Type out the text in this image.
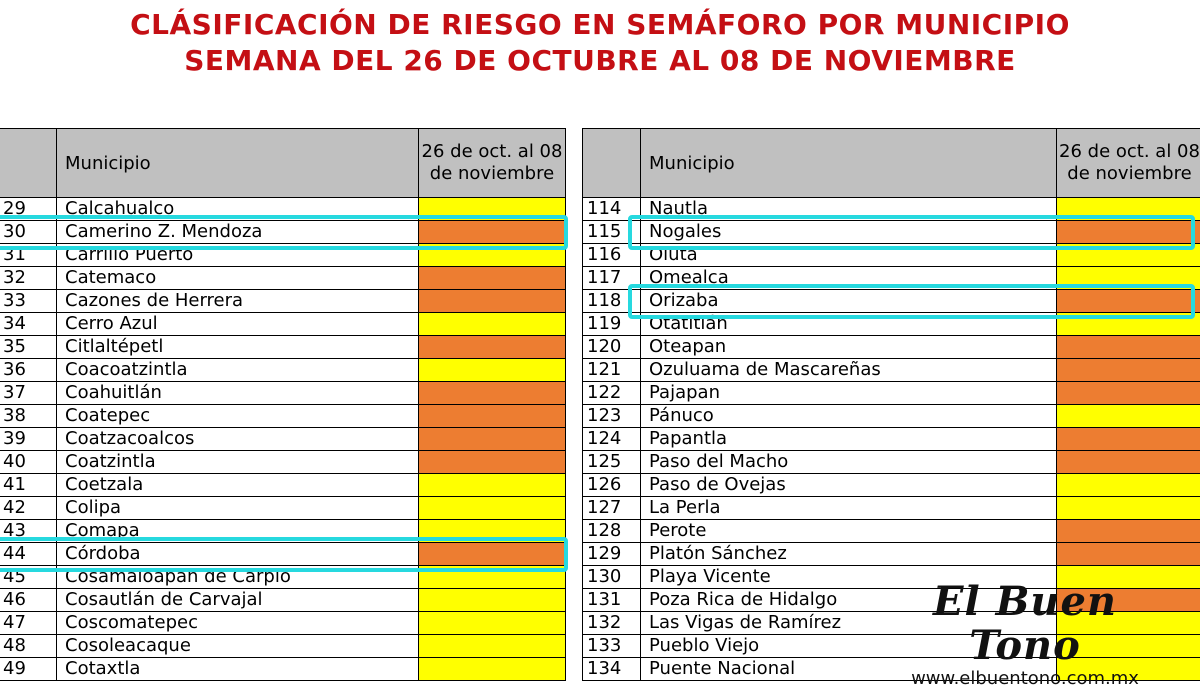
CLÁSIFICACIÓN DE RIESGO EN SEMÁFORO POR MUNICIPIO
SEMANA DEL 26 DE OCTUBRE AL 08 DE NOVIEMBRE
	Municipio	26 de oct. al 08 de noviembre
29	Calcahualco	
30	Camerino Z. Mendoza	
31	Carrillo Puerto	
32	Catemaco	
33	Cazones de Herrera	
34	Cerro Azul	
35	Citlaltépetl	
36	Coacoatzintla	
37	Coahuitlán	
38	Coatepec	
39	Coatzacoalcos	
40	Coatzintla	
41	Coetzala	
42	Colipa	
43	Comapa	
44	Córdoba	
45	Cosamaloapan de Carpio	
46	Cosautlán de Carvajal	
47	Coscomatepec	
48	Cosoleacaque	
49	Cotaxtla	
	Municipio	26 de oct. al 08 de noviembre
114	Nautla	
115	Nogales	
116	Oluta	
117	Omealca	
118	Orizaba	
119	Otatitlán	
120	Oteapan	
121	Ozuluama de Mascareñas	
122	Pajapan	
123	Pánuco	
124	Papantla	
125	Paso del Macho	
126	Paso de Ovejas	
127	La Perla	
128	Perote	
129	Platón Sánchez	
130	Playa Vicente	
131	Poza Rica de Hidalgo	
132	Las Vigas de Ramírez	
133	Pueblo Viejo	
134	Puente Nacional	
El Buen Tono
www.elbuentono.com.mx
